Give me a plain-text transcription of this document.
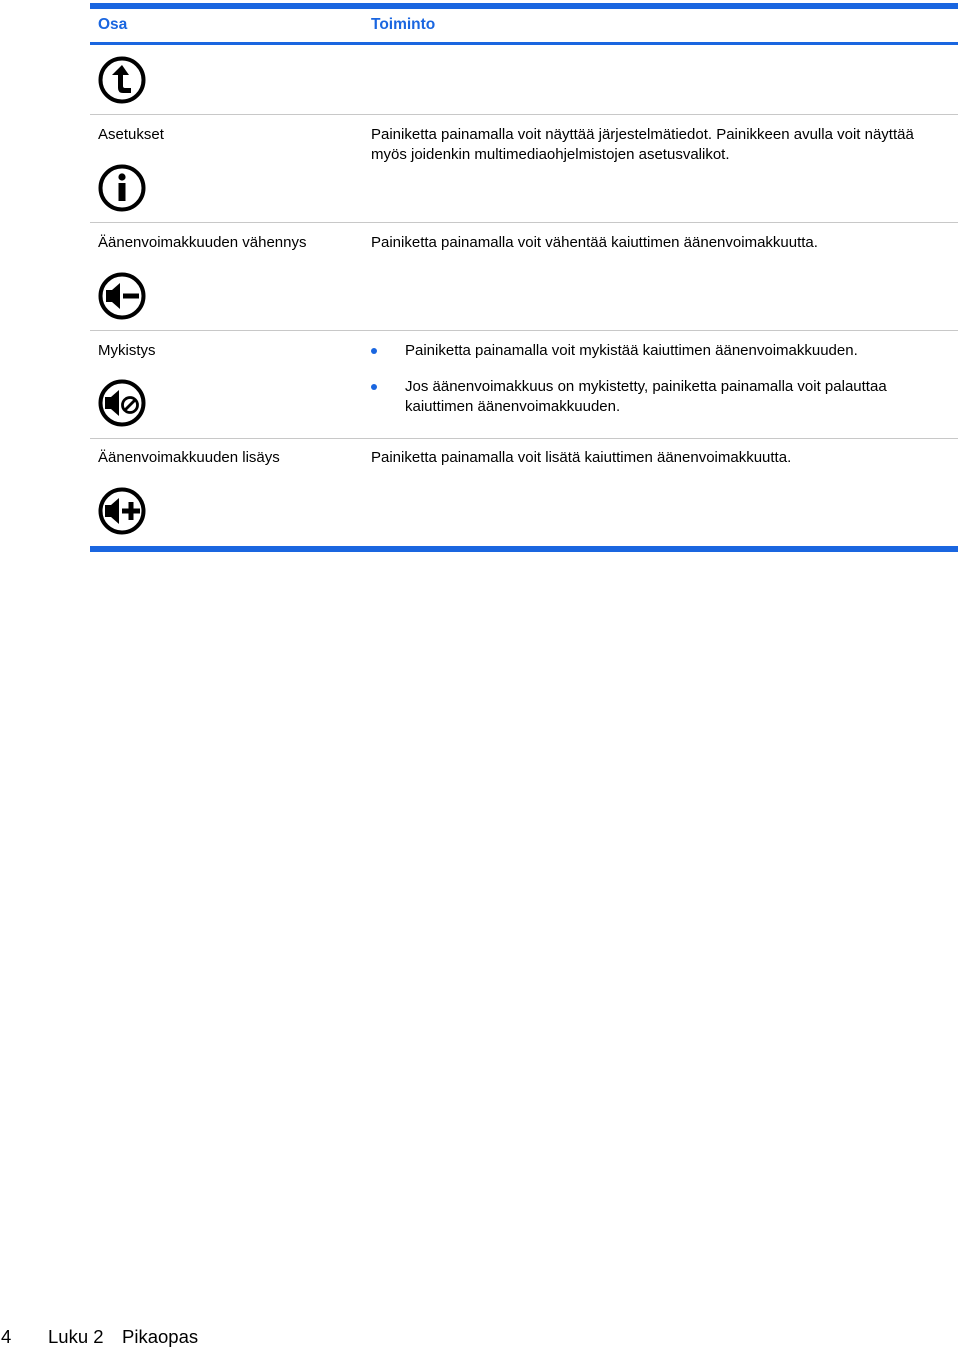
Osa	Toiminto
Asetukset	Painiketta painamalla voit näyttää järjestelmätiedot. Painikkeen avulla voit näyttää
myös joidenkin multimediaohjelmistojen asetusvalikot.
Äänenvoimakkuuden vähennys	Painiketta painamalla voit vähentää kaiuttimen äänenvoimakkuutta.
Mykistys	Painiketta painamalla voit mykistää kaiuttimen äänenvoimakkuuden.
Jos äänenvoimakkuus on mykistetty, painiketta painamalla voit palauttaa
kaiuttimen äänenvoimakkuuden.
Äänenvoimakkuuden lisäys	Painiketta painamalla voit lisätä kaiuttimen äänenvoimakkuutta.
4 Luku 2 Pikaopas
